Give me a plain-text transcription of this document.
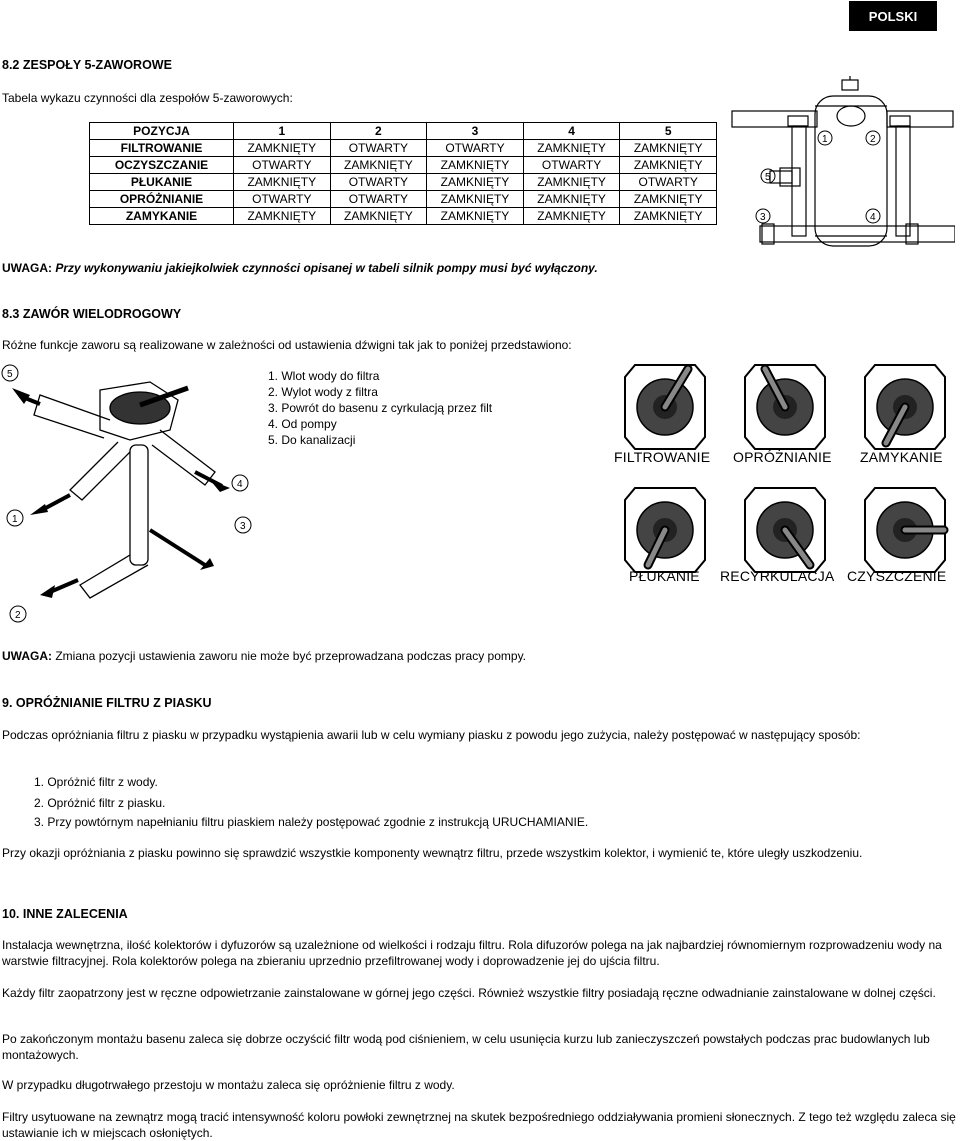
POLSKI
8.2 ZESPOŁY 5-ZAWOROWE
Tabela wykazu czynności dla zespołów 5-zaworowych:
POZYCJA	1	2	3	4	5
FILTROWANIE	ZAMKNIĘTY	OTWARTY	OTWARTY	ZAMKNIĘTY	ZAMKNIĘTY
OCZYSZCZANIE	OTWARTY	ZAMKNIĘTY	ZAMKNIĘTY	OTWARTY	ZAMKNIĘTY
PŁUKANIE	ZAMKNIĘTY	OTWARTY	ZAMKNIĘTY	ZAMKNIĘTY	OTWARTY
OPRÓŻNIANIE	OTWARTY	OTWARTY	ZAMKNIĘTY	ZAMKNIĘTY	ZAMKNIĘTY
ZAMYKANIE	ZAMKNIĘTY	ZAMKNIĘTY	ZAMKNIĘTY	ZAMKNIĘTY	ZAMKNIĘTY
1	2
3	4
5
UWAGA: Przy wykonywaniu jakiejkolwiek czynności opisanej w tabeli silnik pompy musi być wyłączony.
8.3 ZAWÓR WIELODROGOWY
Różne funkcje zaworu są realizowane w zależności od ustawienia dźwigni tak jak to poniżej przedstawiono:
5
4
1
3
2
1. Wlot wody do filtra
2. Wylot wody z filtra
3. Powrót do basenu z cyrkulacją przez filt
4. Od pompy
5. Do kanalizacji
FILTROWANIE OPRÓŻNIANIE ZAMYKANIE
PŁUKANIE RECYRKULACJA CZYSZCZENIE
UWAGA: Zmiana pozycji ustawienia zaworu nie może być przeprowadzana podczas pracy pompy.
9. OPRÓŻNIANIE FILTRU Z PIASKU
Podczas opróżniania filtru z piasku w przypadku wystąpienia awarii lub w celu wymiany piasku z powodu jego zużycia, należy postępować w następujący sposób:
1. Opróżnić filtr z wody.
2. Opróżnić filtr z piasku.
3. Przy powtórnym napełnianiu filtru piaskiem należy postępować zgodnie z instrukcją URUCHAMIANIE.
Przy okazji opróżniania z piasku powinno się sprawdzić wszystkie komponenty wewnątrz filtru, przede wszystkim kolektor, i wymienić te, które uległy uszkodzeniu.
10. INNE ZALECENIA
Instalacja wewnętrzna, ilość kolektorów i dyfuzorów są uzależnione od wielkości i rodzaju filtru. Rola difuzorów polega na jak najbardziej równomiernym rozprowadzeniu wody na warstwie filtracyjnej. Rola kolektorów polega na zbieraniu uprzednio przefiltrowanej wody i doprowadzenie jej do ujścia filtru.
Każdy filtr zaopatrzony jest w ręczne odpowietrzanie zainstalowane w górnej jego części. Również wszystkie filtry posiadają ręczne odwadnianie zainstalowane w dolnej części.
Po zakończonym montażu basenu zaleca się dobrze oczyścić filtr wodą pod ciśnieniem, w celu usunięcia kurzu lub zanieczyszczeń powstałych podczas prac budowlanych lub montażowych.
W przypadku długotrwałego przestoju w montażu zaleca się opróżnienie filtru z wody.
Filtry usytuowane na zewnątrz mogą tracić intensywność koloru powłoki zewnętrznej na skutek bezpośredniego oddziaływania promieni słonecznych. Z tego też względu zaleca się ustawianie ich w miejscach osłoniętych.
